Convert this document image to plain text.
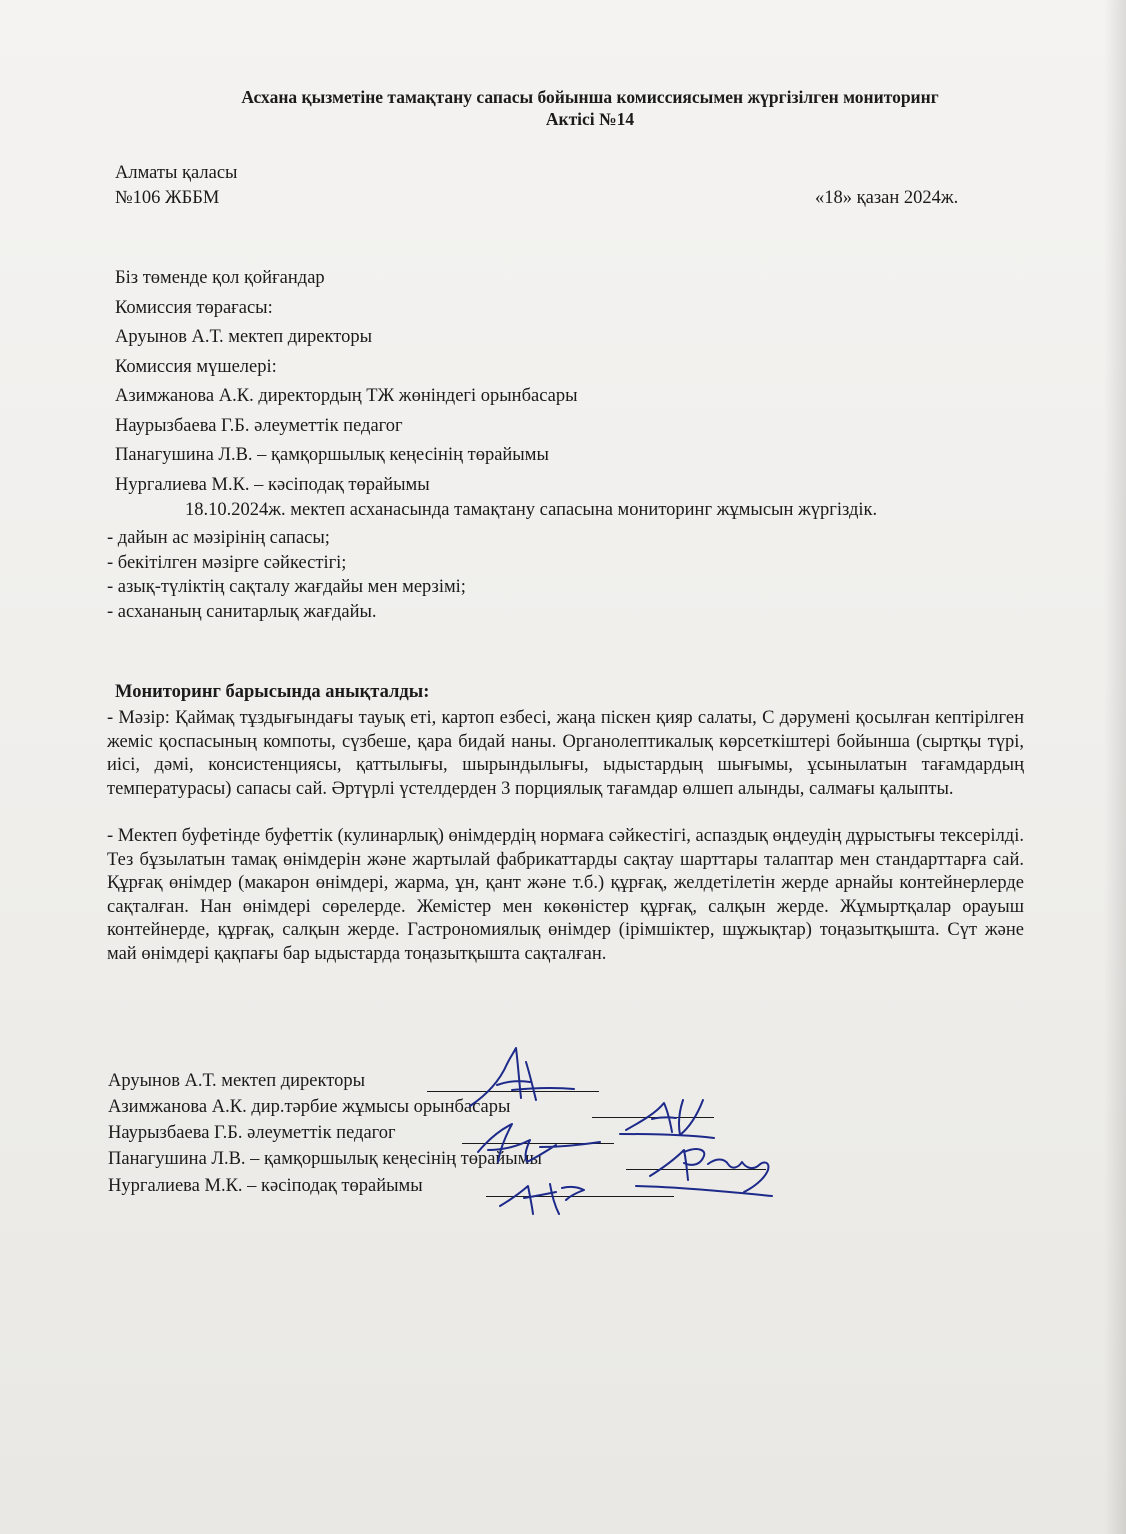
Асхана қызметіне тамақтану сапасы бойынша комиссиясымен жүргізілген мониторинг
Актісі №14
Алматы қаласы
№106 ЖББМ	«18» қазан 2024ж.
Біз төменде қол қойғандар
Комиссия төрағасы:
Аруынов А.Т. мектеп директоры
Комиссия мүшелері:
Азимжанова А.К. директордың ТЖ жөніндегі орынбасары
Наурызбаева Г.Б. әлеуметтік педагог
Панагушина Л.В. – қамқоршылық кеңесінің төрайымы
Нургалиева М.К. – кәсіподақ төрайымы
18.10.2024ж. мектеп асханасында тамақтану сапасына мониторинг жұмысын жүргіздік.
- дайын ас мәзірінің сапасы;
- бекітілген мәзірге сәйкестігі;
- азық-түліктің сақталу жағдайы мен мерзімі;
- асхананың санитарлық жағдайы.
Мониторинг барысында анықталды:
- Мәзір: Қаймақ тұздығындағы тауық еті, картоп езбесі, жаңа піскен қияр салаты, С дәрумені қосылған кептірілген жеміс қоспасының компоты, сүзбеше, қара бидай наны. Органолептикалық көрсеткіштері бойынша (сыртқы түрі, иісі, дәмі, консистенциясы, қаттылығы, шырындылығы, ыдыстардың шығымы, ұсынылатын тағамдардың температурасы) сапасы сай. Әртүрлі үстелдерден 3 порциялық тағамдар өлшеп алынды, салмағы қалыпты.
- Мектеп буфетінде буфеттік (кулинарлық) өнімдердің нормаға сәйкестігі, аспаздық өңдеудің дұрыстығы тексерілді. Тез бұзылатын тамақ өнімдерін және жартылай фабрикаттарды сақтау шарттары талаптар мен стандарттарға сай. Құрғақ өнімдер (макарон өнімдері, жарма, ұн, қант және т.б.) құрғақ, желдетілетін жерде арнайы контейнерлерде сақталған. Нан өнімдері сөрелерде. Жемістер мен көкөністер құрғақ, салқын жерде. Жұмыртқалар орауыш контейнерде, құрғақ, салқын жерде. Гастрономиялық өнімдер (ірімшіктер, шұжықтар) тоңазытқышта. Сүт және май өнімдері қақпағы бар ыдыстарда тоңазытқышта сақталған.
Аруынов А.Т. мектеп директоры
Азимжанова А.К. дир.тәрбие жұмысы орынбасары
Наурызбаева Г.Б. әлеуметтік педагог
Панагушина Л.В. – қамқоршылық кеңесінің төрайымы
Нургалиева М.К. – кәсіподақ төрайымы
